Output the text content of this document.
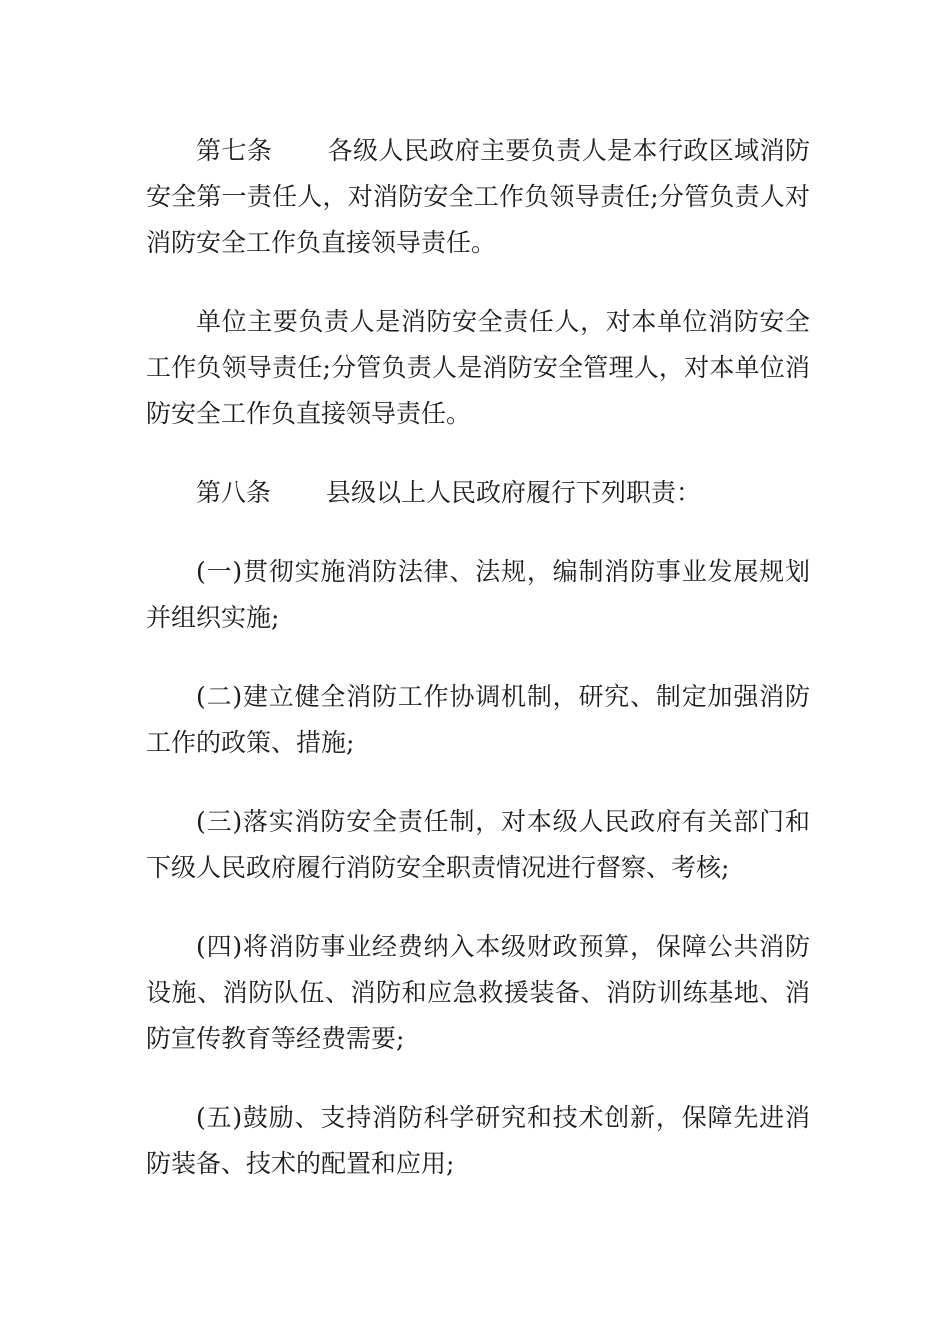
第七条 各级人民政府主要负责人是本行政区域消防安全第一责任人，对消防安全工作负领导责任;分管负责人对消防安全工作负直接领导责任。

单位主要负责人是消防安全责任人，对本单位消防安全工作负领导责任;分管负责人是消防安全管理人，对本单位消防安全工作负直接领导责任。

第八条 县级以上人民政府履行下列职责：

(一)贯彻实施消防法律、法规，编制消防事业发展规划并组织实施;

(二)建立健全消防工作协调机制，研究、制定加强消防工作的政策、措施;

(三)落实消防安全责任制，对本级人民政府有关部门和下级人民政府履行消防安全职责情况进行督察、考核;

(四)将消防事业经费纳入本级财政预算，保障公共消防设施、消防队伍、消防和应急救援装备、消防训练基地、消防宣传教育等经费需要;

(五)鼓励、支持消防科学研究和技术创新，保障先进消防装备、技术的配置和应用;
